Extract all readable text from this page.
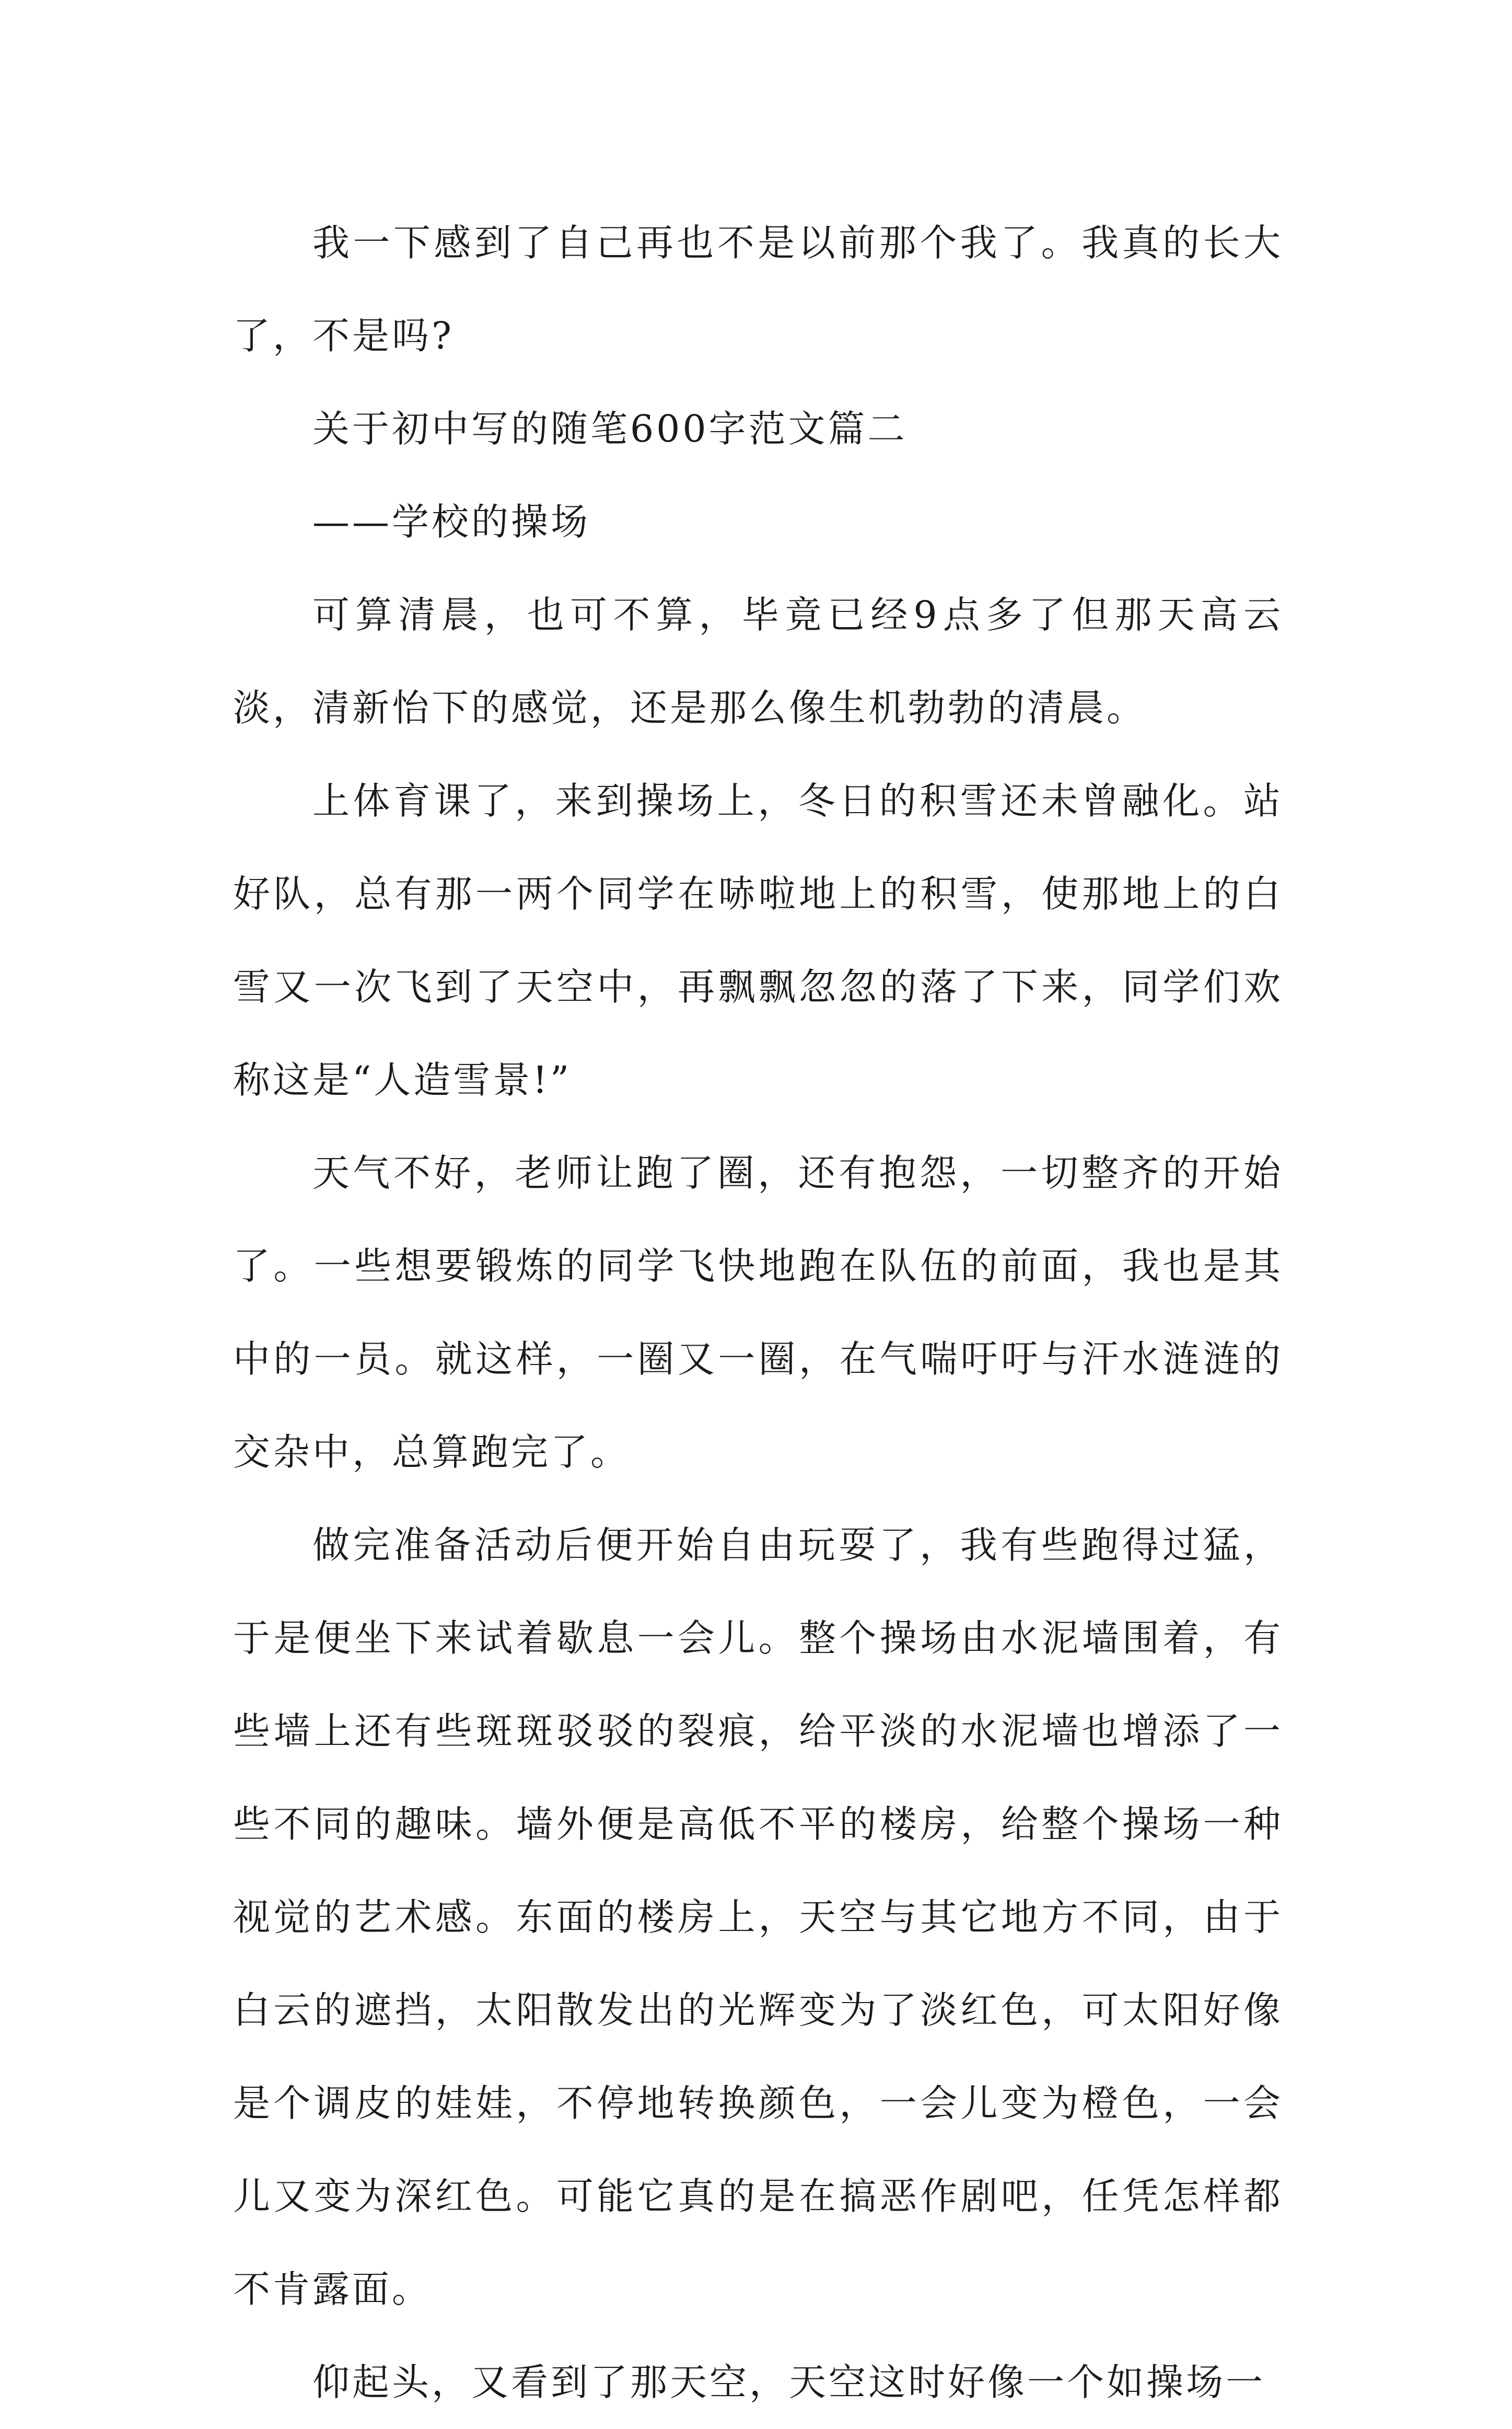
我一下感到了自己再也不是以前那个我了。我真的长大了，不是吗?

关于初中写的随笔600字范文篇二

——学校的操场

可算清晨，也可不算，毕竟已经9点多了但那天高云淡，清新怡下的感觉，还是那么像生机勃勃的清晨。

上体育课了，来到操场上，冬日的积雪还未曾融化。站好队，总有那一两个同学在哧啦地上的积雪，使那地上的白雪又一次飞到了天空中，再飘飘忽忽的落了下来，同学们欢称这是“人造雪景!”

天气不好，老师让跑了圈，还有抱怨，一切整齐的开始了。一些想要锻炼的同学飞快地跑在队伍的前面，我也是其中的一员。就这样，一圈又一圈，在气喘吁吁与汗水涟涟的交杂中，总算跑完了。

做完准备活动后便开始自由玩耍了，我有些跑得过猛，于是便坐下来试着歇息一会儿。整个操场由水泥墙围着，有些墙上还有些斑斑驳驳的裂痕，给平淡的水泥墙也增添了一些不同的趣味。墙外便是高低不平的楼房，给整个操场一种视觉的艺术感。东面的楼房上，天空与其它地方不同，由于白云的遮挡，太阳散发出的光辉变为了淡红色，可太阳好像是个调皮的娃娃，不停地转换颜色，一会儿变为橙色，一会儿又变为深红色。可能它真的是在搞恶作剧吧，任凭怎样都不肯露面。

仰起头，又看到了那天空，天空这时好像一个如操场一
